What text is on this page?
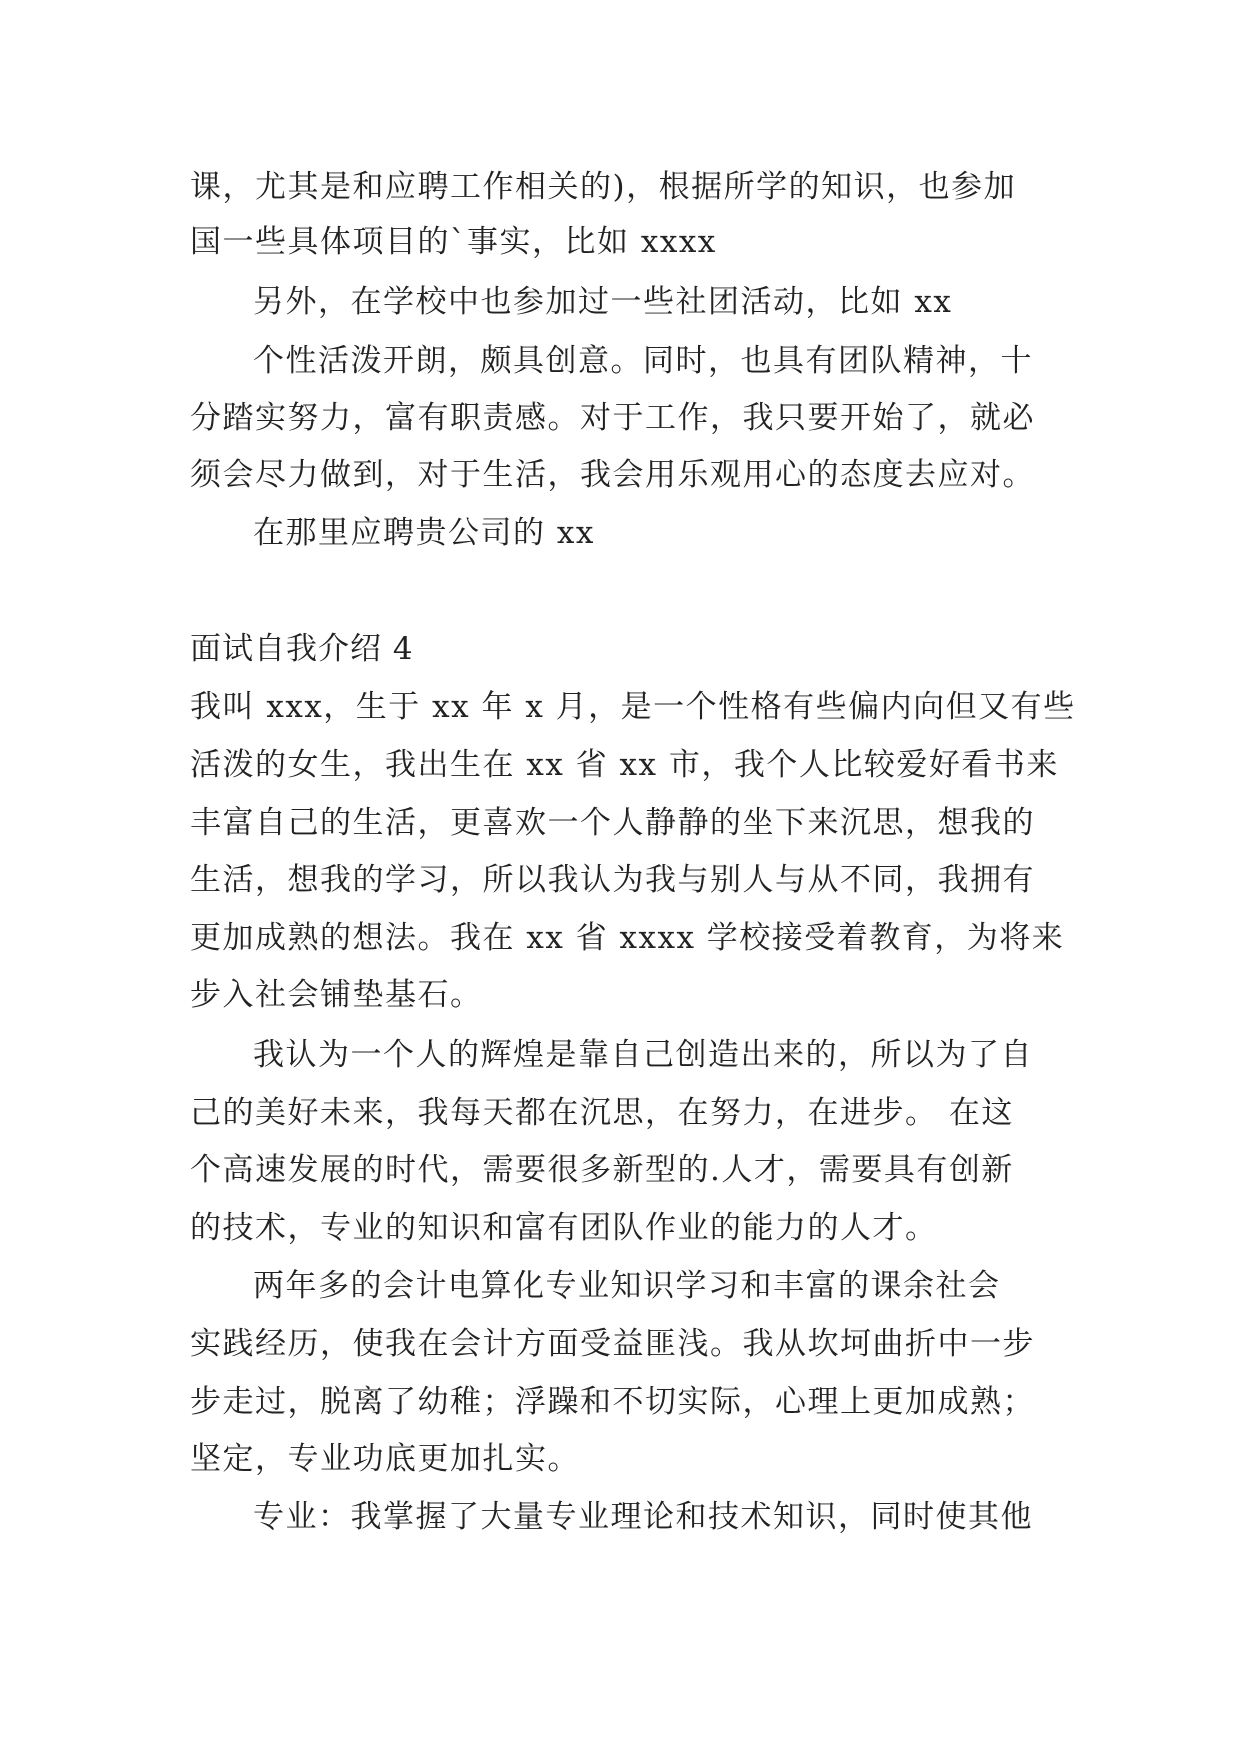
课，尤其是和应聘工作相关的)，根据所学的知识，也参加
国一些具体项目的`事实，比如 xxxx
另外，在学校中也参加过一些社团活动，比如 xx
个性活泼开朗，颇具创意。同时，也具有团队精神，十
分踏实努力，富有职责感。对于工作，我只要开始了，就必
须会尽力做到，对于生活，我会用乐观用心的态度去应对。
在那里应聘贵公司的 xx
面试自我介绍 4
我叫 xxx，生于 xx 年 x 月，是一个性格有些偏内向但又有些
活泼的女生，我出生在 xx 省 xx 市，我个人比较爱好看书来
丰富自己的生活，更喜欢一个人静静的坐下来沉思，想我的
生活，想我的学习，所以我认为我与别人与从不同，我拥有
更加成熟的想法。我在 xx 省 xxxx 学校接受着教育，为将来
步入社会铺垫基石。
我认为一个人的辉煌是靠自己创造出来的，所以为了自
己的美好未来，我每天都在沉思，在努力，在进步。 在这
个高速发展的时代，需要很多新型的.人才，需要具有创新
的技术，专业的知识和富有团队作业的能力的人才。
两年多的会计电算化专业知识学习和丰富的课余社会
实践经历，使我在会计方面受益匪浅。我从坎坷曲折中一步
步走过，脱离了幼稚；浮躁和不切实际，心理上更加成熟；
坚定，专业功底更加扎实。
专业：我掌握了大量专业理论和技术知识，同时使其他
